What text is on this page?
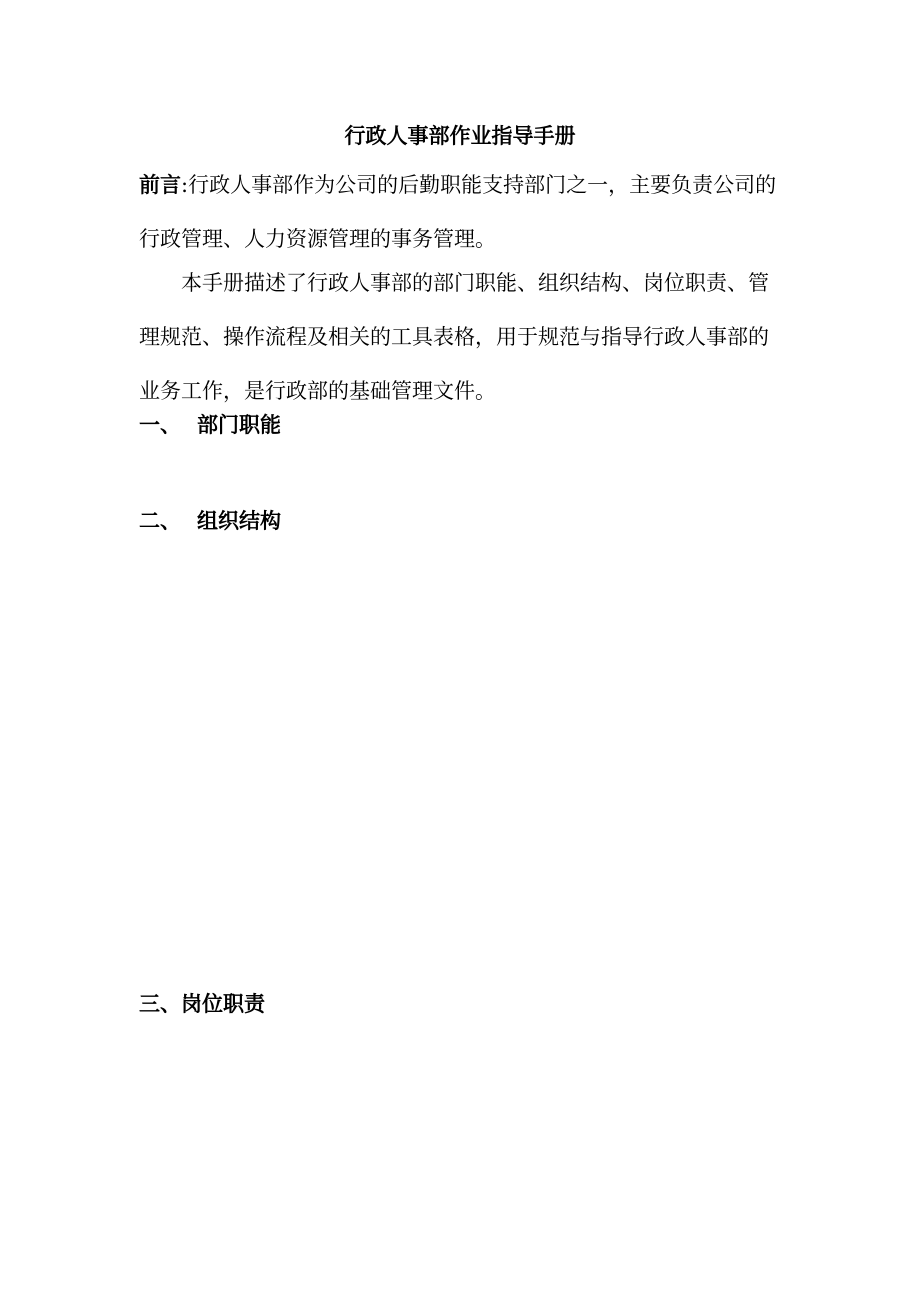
行政人事部作业指导手册
前言:行政人事部作为公司的后勤职能支持部门之一，主要负责公司的行政管理、人力资源管理的事务管理。
本手册描述了行政人事部的部门职能、组织结构、岗位职责、管理规范、操作流程及相关的工具表格，用于规范与指导行政人事部的业务工作，是行政部的基础管理文件。
一、 部门职能
二、 组织结构
三、岗位职责
